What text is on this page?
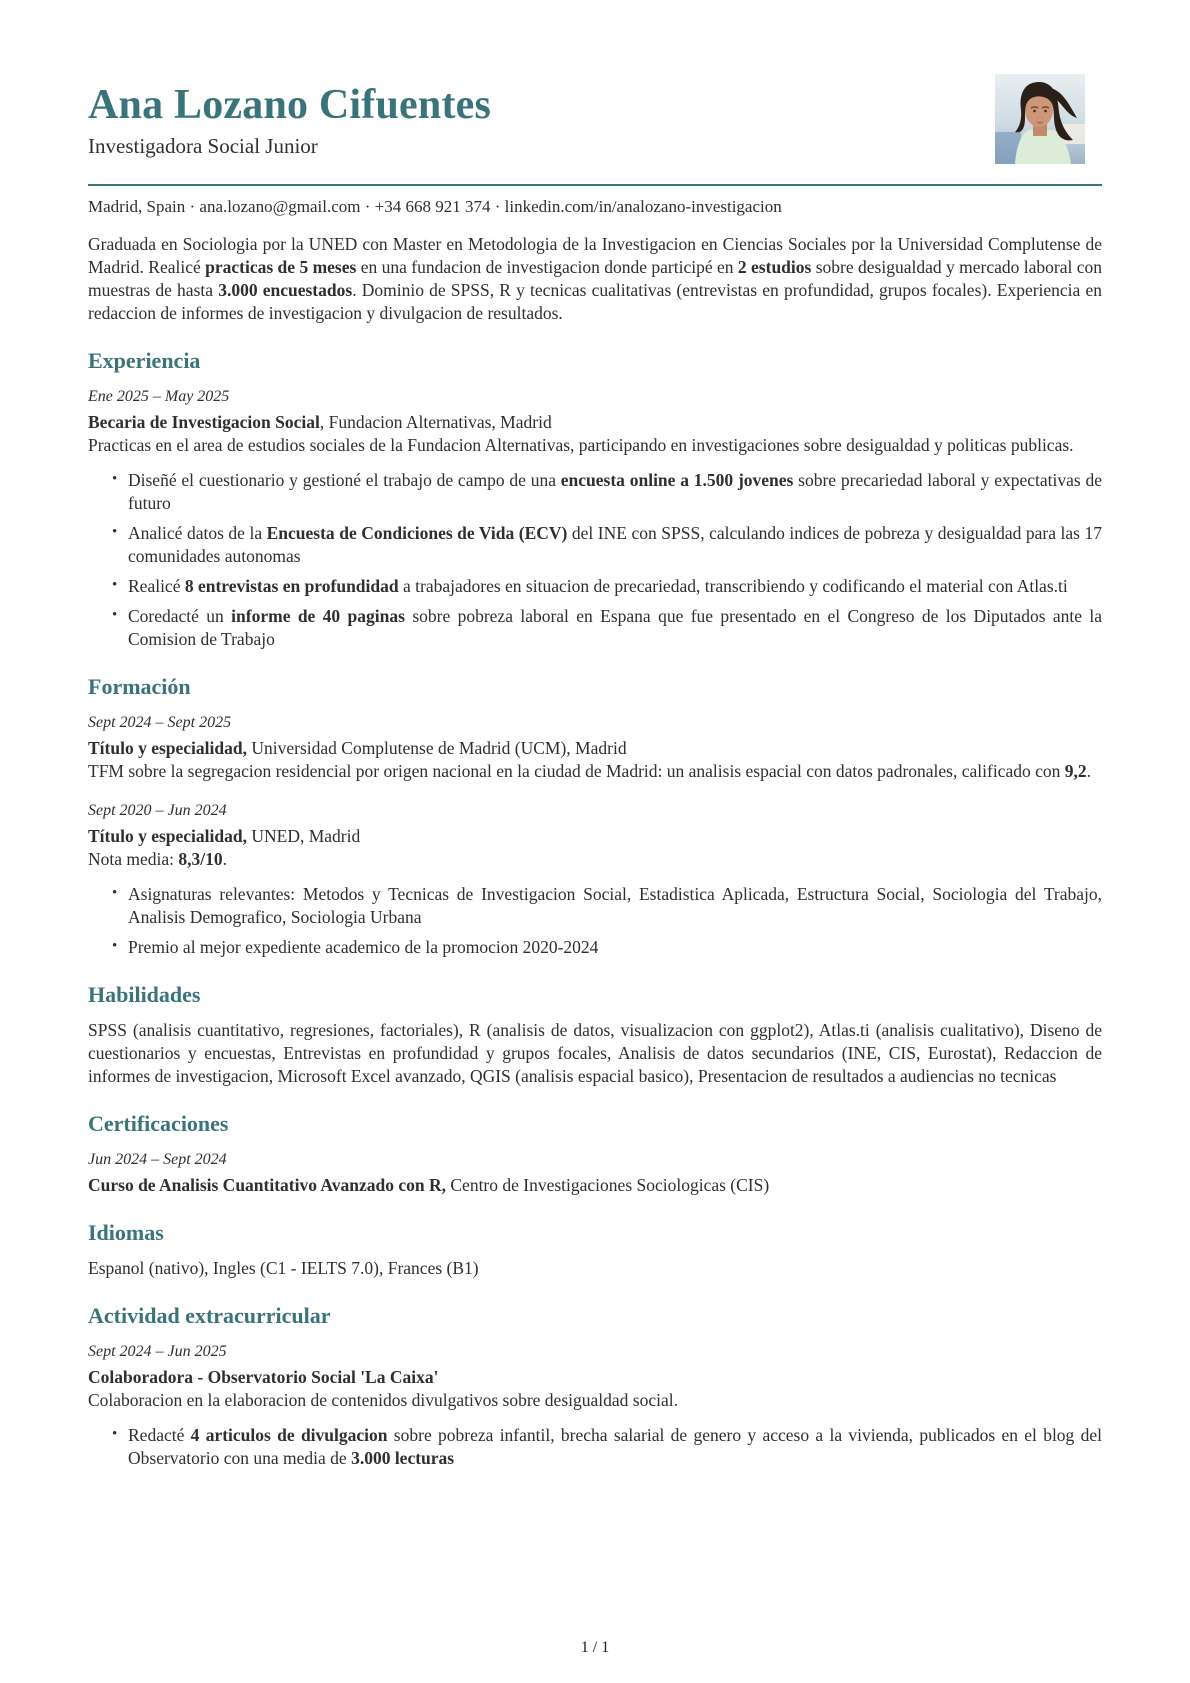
Ana Lozano Cifuentes
Investigadora Social Junior
Madrid, Spain · ana.lozano@gmail.com · +34 668 921 374 · linkedin.com/in/analozano-investigacion

Graduada en Sociologia por la UNED con Master en Metodologia de la Investigacion en Ciencias Sociales por la Universidad Complutense de Madrid. Realicé practicas de 5 meses en una fundacion de investigacion donde participé en 2 estudios sobre desigualdad y mercado laboral con muestras de hasta 3.000 encuestados. Dominio de SPSS, R y tecnicas cualitativas (entrevistas en profundidad, grupos focales). Experiencia en redaccion de informes de investigacion y divulgacion de resultados.

Experiencia
Ene 2025 – May 2025
Becaria de Investigacion Social, Fundacion Alternativas, Madrid

Practicas en el area de estudios sociales de la Fundacion Alternativas, participando en investigaciones sobre desigualdad y politicas publicas.

• Diseñé el cuestionario y gestioné el trabajo de campo de una encuesta online a 1.500 jovenes sobre precariedad laboral y expectativas de futuro
• Analicé datos de la Encuesta de Condiciones de Vida (ECV) del INE con SPSS, calculando indices de pobreza y desigualdad para las 17 comunidades autonomas
• Realicé 8 entrevistas en profundidad a trabajadores en situacion de precariedad, transcribiendo y codificando el material con Atlas.ti
• Coredacté un informe de 40 paginas sobre pobreza laboral en Espana que fue presentado en el Congreso de los Diputados ante la Comision de Trabajo
Formación
Sept 2024 – Sept 2025
Título y especialidad, Universidad Complutense de Madrid (UCM), Madrid

TFM sobre la segregacion residencial por origen nacional en la ciudad de Madrid: un analisis espacial con datos padronales, calificado con 9,2.

Sept 2020 – Jun 2024
Título y especialidad, UNED, Madrid

Nota media: 8,3/10.

• Asignaturas relevantes: Metodos y Tecnicas de Investigacion Social, Estadistica Aplicada, Estructura Social, Sociologia del Trabajo, Analisis Demografico, Sociologia Urbana
• Premio al mejor expediente academico de la promocion 2020-2024
Habilidades

SPSS (analisis cuantitativo, regresiones, factoriales), R (analisis de datos, visualizacion con ggplot2), Atlas.ti (analisis cualitativo), Diseno de cuestionarios y encuestas, Entrevistas en profundidad y grupos focales, Analisis de datos secundarios (INE, CIS, Eurostat), Redaccion de informes de investigacion, Microsoft Excel avanzado, QGIS (analisis espacial basico), Presentacion de resultados a audiencias no tecnicas

Certificaciones
Jun 2024 – Sept 2024
Curso de Analisis Cuantitativo Avanzado con R, Centro de Investigaciones Sociologicas (CIS)
Idiomas

Espanol (nativo), Ingles (C1 - IELTS 7.0), Frances (B1)

Actividad extracurricular
Sept 2024 – Jun 2025
Colaboradora - Observatorio Social 'La Caixa'

Colaboracion en la elaboracion de contenidos divulgativos sobre desigualdad social.

• Redacté 4 articulos de divulgacion sobre pobreza infantil, brecha salarial de genero y acceso a la vivienda, publicados en el blog del Observatorio con una media de 3.000 lecturas
1 / 1
